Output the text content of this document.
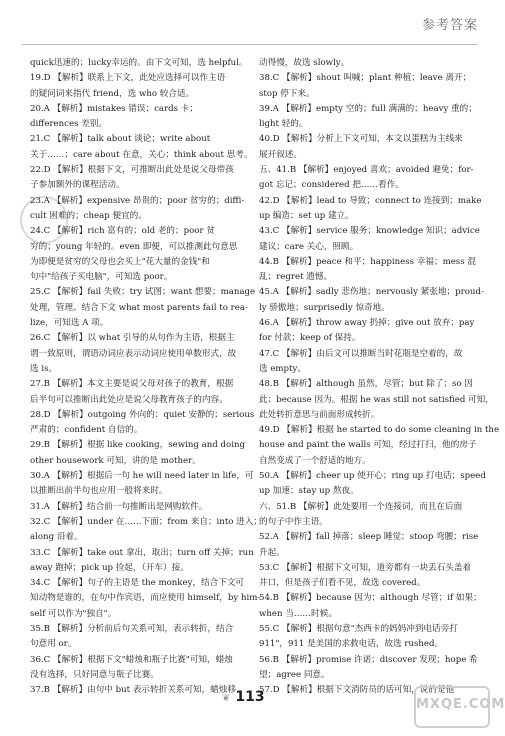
参考答案
quick迅速的；lucky幸运的。由下文可知，选 helpful。
19.D 【解析】联系上下文，此处应选择可以作主语
的疑问词来指代 friend，选 who 较合适。
20.A 【解析】mistakes 错误；cards 卡；
differences 差别。
21.C 【解析】talk about 谈论；write about
关于……；care about 在意，关心；think about 思考。
22.D 【解析】根据下文，可推断出此处是说父母带孩
子参加额外的课程活动。
23.A 【解析】expensive 昂贵的；poor 贫穷的；diffi-
cult 困难的；cheap 便宜的。
24.C 【解析】rich 富有的；old 老的；poor 贫
穷的；young 年轻的。even 即便，可以推测此句意思
为即便是贫穷的父母也会买上"花大量的金钱"和
句中"给孩子买电脑"，可知选 poor。
25.C 【解析】fail 失败；try 试图；want 想要；manage
处理，管理。结合下文 what most parents fail to rea-
lize，可知选 A 项。
26.C 【解析】以 what 引导的从句作为主语，根据主
谓一致原则，谓语动词应表示动词应使用单数形式，故
选 is。
27.B 【解析】本文主要是说父母对孩子的教育，根据
后半句可以推断出此处应是说父母教育孩子的内容。
28.D 【解析】outgoing 外向的；quiet 安静的；serious
严肃的；confident 自信的。
29.B 【解析】根据 like cooking，sewing and doing
other housework 可知，讲的是 mother。
30.A 【解析】根据后一句 he will need later in life，可
以推断出前半句也应用一般将来时。
31.A 【解析】结合前一句推断出是网购软件。
32.C 【解析】under 在……下面；from 来自；into 进入；
along 沿着。
33.C 【解析】take out 拿出，取出；turn off 关掉；run
away 跑掉；pick up 捡起，（开车）接。
34.C 【解析】句子的主语是 the monkey，结合下文可
知动物是谁的，在句中作宾语，而应使用 himself，by him-
self 可以作为"独自"。
35.B 【解析】分析前后句关系可知，表示转折，结合
句意用 or。
36.C 【解析】根据下文"蜡烛和瓶子比赛"可知，蜡烛
没有选择，只好同意与瓶子比赛。
37.B 【解析】由句中 but 表示转折关系可知，蜡烛移
动得慢，故选 slowly。
38.C 【解析】shout 叫喊；plant 种植；leave 离开；
stop 停下来。
39.A 【解析】empty 空的；full 满满的；heavy 重的；
light 轻的。
40.D 【解析】分析上下文可知，本文以蛋糕为主线来
展开叙述。
五、41.B 【解析】enjoyed 喜欢；avoided 避免；for-
got 忘记；considered 把……看作。
42.D 【解析】lead to 导致；connect to 连接到；make
up 编造；set up 建立。
43.C 【解析】service 服务；knowledge 知识；advice
建议；care 关心，照顾。
44.B 【解析】peace 和平；happiness 幸福；mess 混
乱；regret 遗憾。
45.A 【解析】sadly 悲伤地；nervously 紧张地；proud-
ly 骄傲地；surprisedly 惊奇地。
46.A 【解析】throw away 扔掉；give out 放弃；pay
for 付款；keep of 保持。
47.C 【解析】由后文可以推断当时花瓶是空着的，故
选 empty。
48.B 【解析】although 虽然，尽管；but 除了；so 因
此；because 因为。根据 he was still not satisfied 可知，
此处转折意思与前面形成转折。
49.D 【解析】根据 he started to do some cleaning in the
house and paint the walls 可知，经过打扫，他的房子
自然变成了一个舒适的地方。
50.A 【解析】cheer up 使开心；ring up 打电话；speed
up 加速；stay up 熬夜。
六、51.B 【解析】此处要用一个连接词，而且在后面
的句子中作主语。
52.A 【解析】fall 掉落；sleep 睡觉；stoop 弯腰；rise
升起。
53.C 【解析】根据下文可知，道旁都有一块丢石头盖着
井口，但是孩子们看不见，故选 covered。
54.B 【解析】because 因为；although 尽管；if 如果；
when 当……时候。
55.C 【解析】根据句意"杰西卡的妈妈冲到电话旁打
911"，911 是美国的求救电话，故选 rushed。
56.B 【解析】promise 许诺；discover 发现；hope 希
望；agree 同意。
57.D 【解析】根据下文消防员的话可知，说的是他
❦ 113	MXQE.COM
